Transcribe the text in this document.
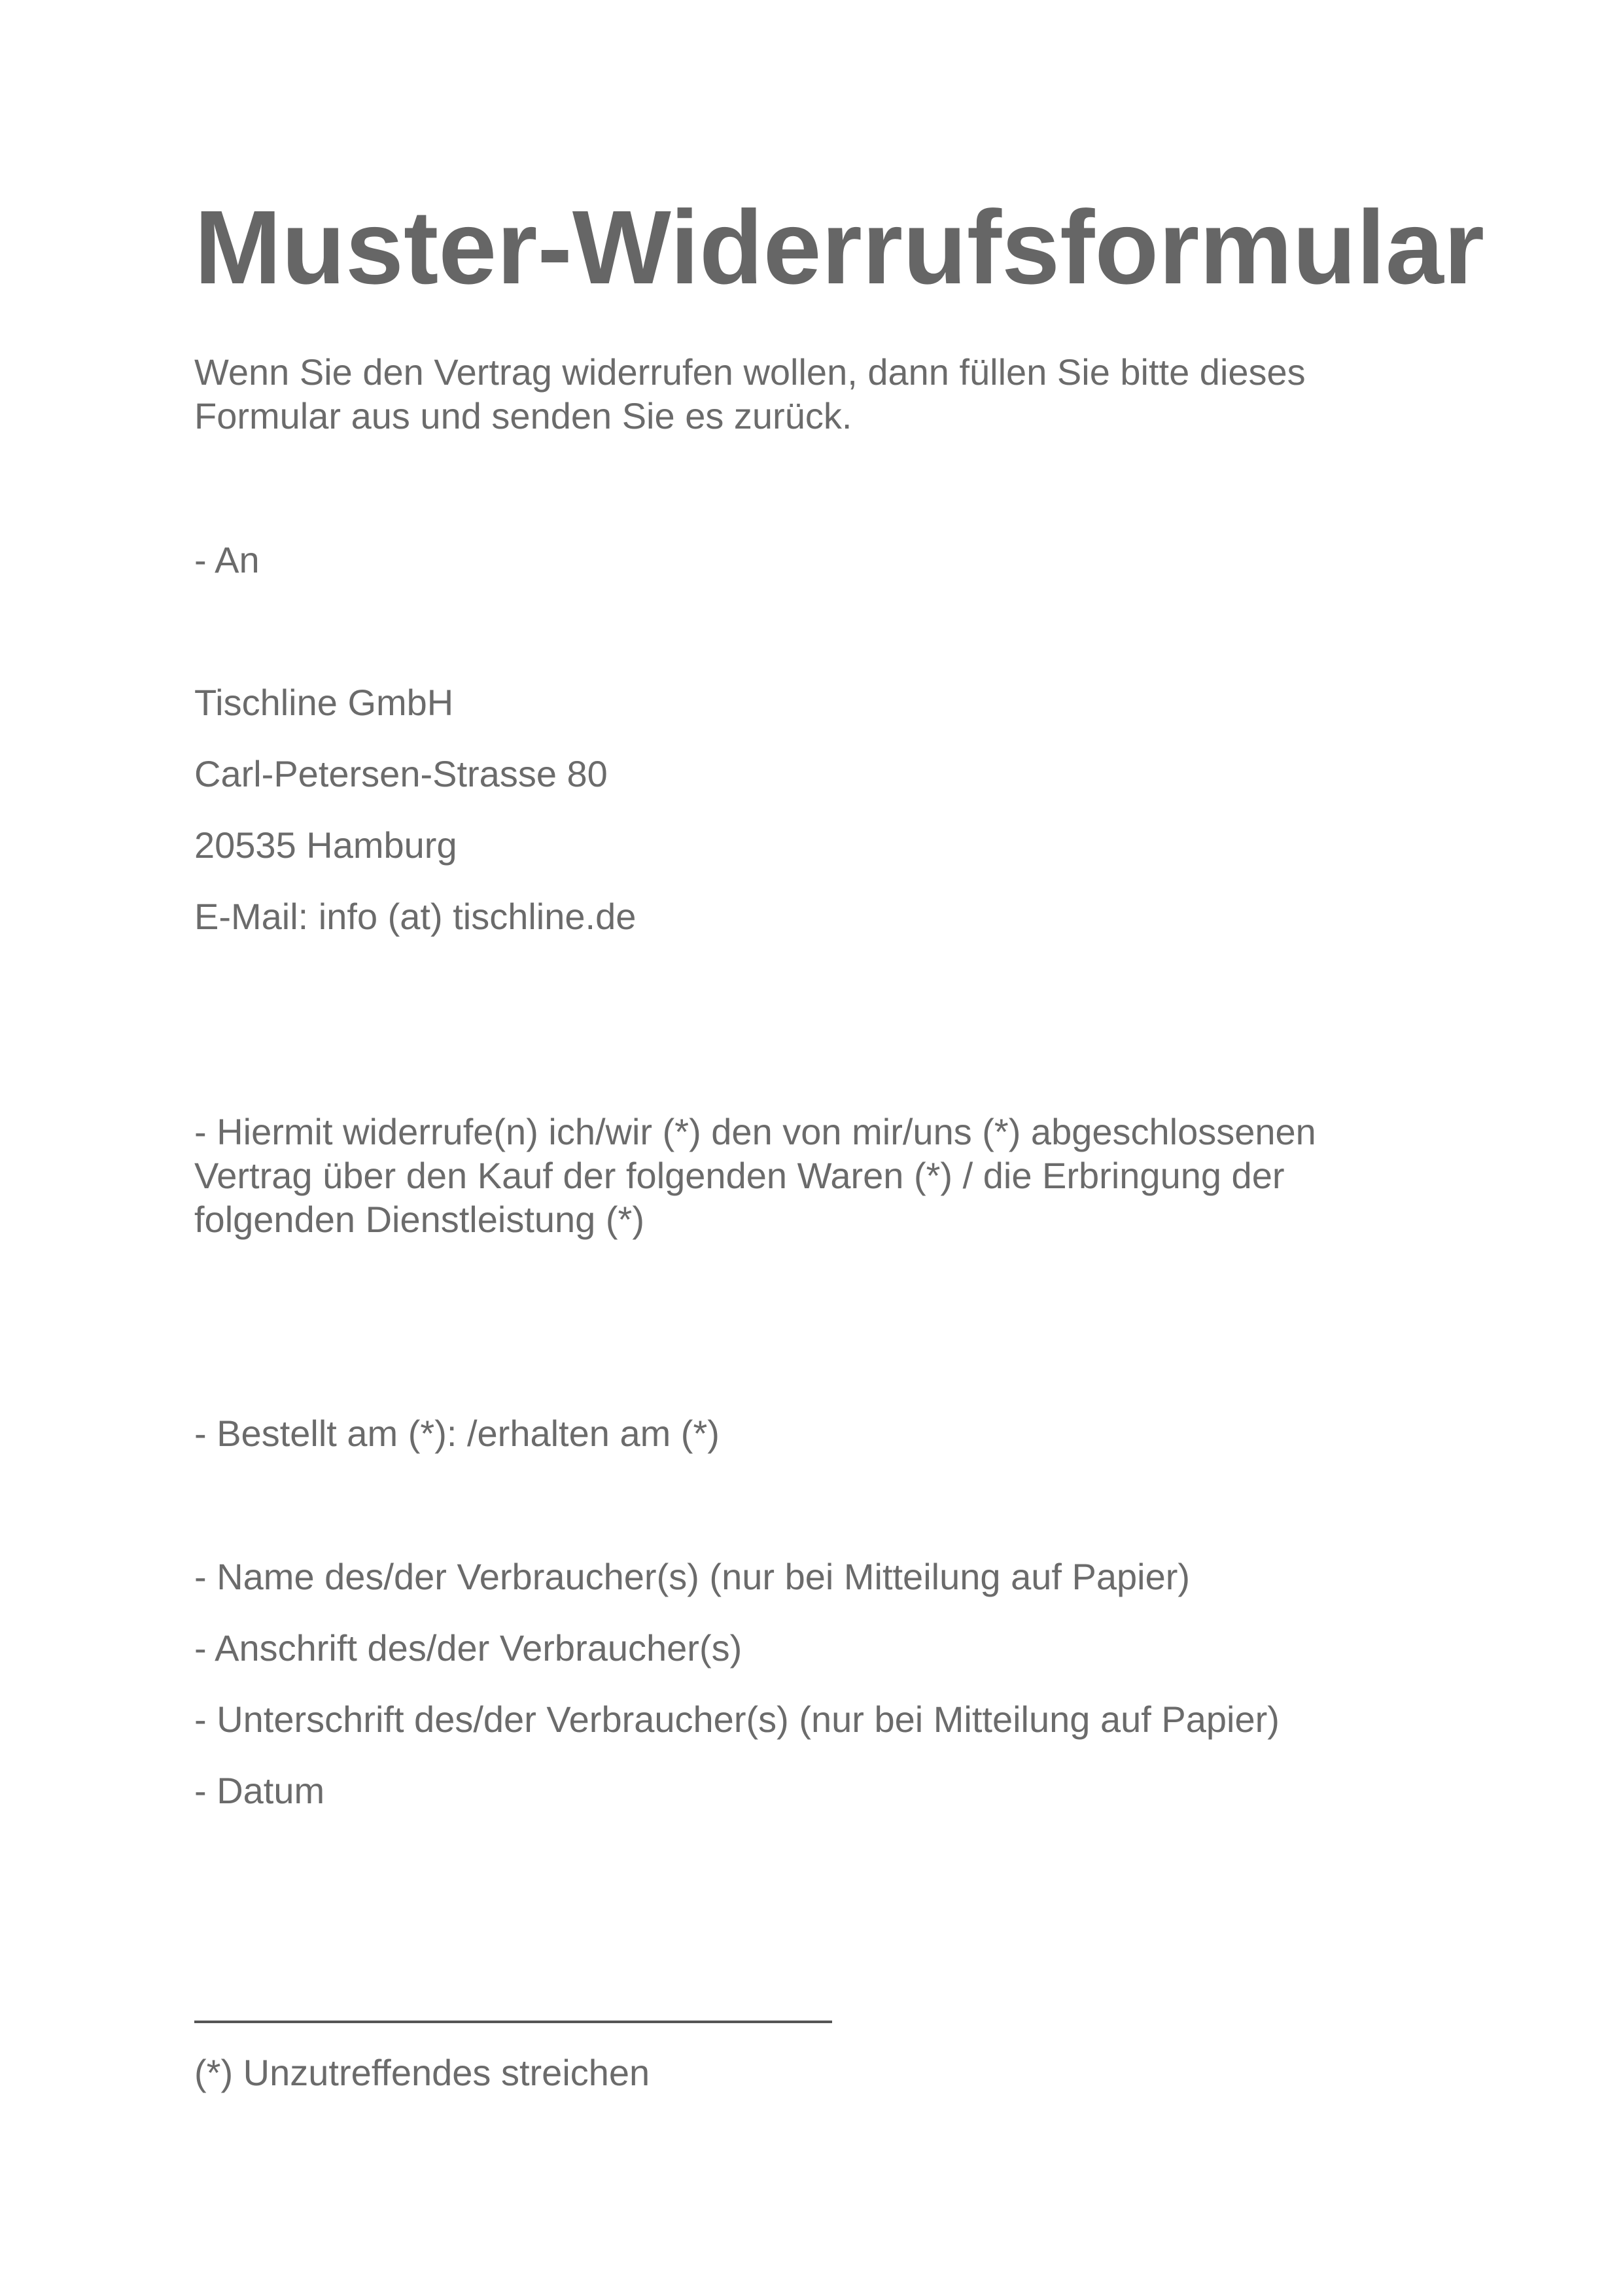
Muster-Widerrufsformular

Wenn Sie den Vertrag widerrufen wollen, dann füllen Sie bitte dieses

Formular aus und senden Sie es zurück.

- An

Tischline GmbH

Carl-Petersen-Strasse 80

20535 Hamburg

E-Mail: info (at) tischline.de

- Hiermit widerrufe(n) ich/wir (*) den von mir/uns (*) abgeschlossenen

Vertrag über den Kauf der folgenden Waren (*) / die Erbringung der

folgenden Dienstleistung (*)

- Bestellt am (*): /erhalten am (*)

- Name des/der Verbraucher(s) (nur bei Mitteilung auf Papier)

- Anschrift des/der Verbraucher(s)

- Unterschrift des/der Verbraucher(s) (nur bei Mitteilung auf Papier)

- Datum

(*) Unzutreffendes streichen
